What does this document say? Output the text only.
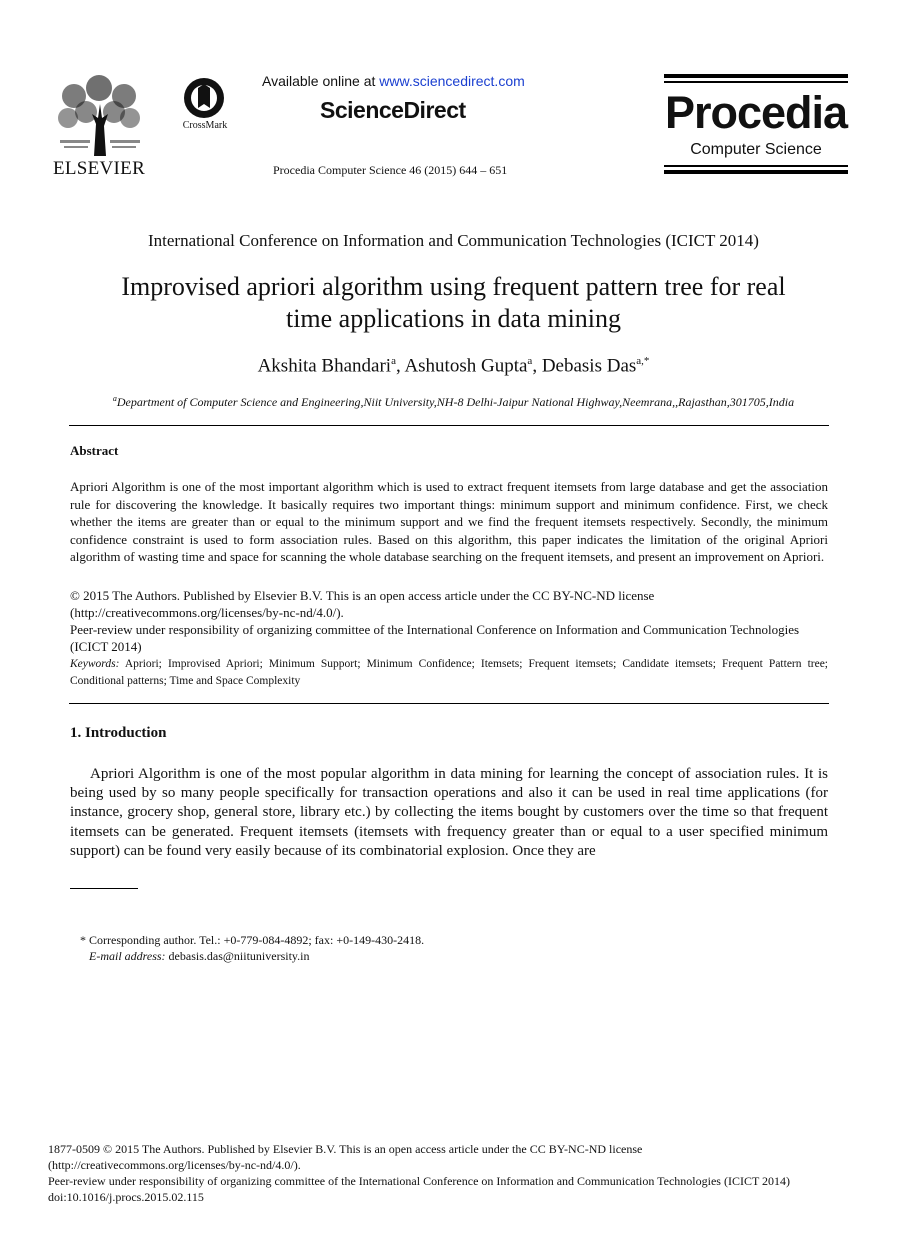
ELSEVIER
CrossMark
Available online at www.sciencedirect.com
ScienceDirect
Procedia Computer Science 46 (2015) 644 – 651
Procedia
Computer Science
International Conference on Information and Communication Technologies (ICICT 2014)
Improvised apriori algorithm using frequent pattern tree for real
time applications in data mining
Akshita Bhandari$^a$, Ashutosh Gupta$^a$, Debasis Das$^{a,*}$
$^a$Department of Computer Science and Engineering,Niit University,NH-8 Delhi-Jaipur National Highway,Neemrana,,Rajasthan,301705,India
Abstract
Apriori Algorithm is one of the most important algorithm which is used to extract frequent itemsets from large database and get the association rule for discovering the knowledge. It basically requires two important things: minimum support and minimum confidence. First, we check whether the items are greater than or equal to the minimum support and we find the frequent itemsets respectively. Secondly, the minimum confidence constraint is used to form association rules. Based on this algorithm, this paper indicates the limitation of the original Apriori algorithm of wasting time and space for scanning the whole database searching on the frequent itemsets, and present an improvement on Apriori.
© 2015 The Authors. Published by Elsevier B.V. This is an open access article under the CC BY-NC-ND license
(http://creativecommons.org/licenses/by-nc-nd/4.0/).
Peer-review under responsibility of organizing committee of the International Conference on Information and Communication Technologies (ICICT 2014)
Keywords: Apriori; Improvised Apriori; Minimum Support; Minimum Confidence; Itemsets; Frequent itemsets; Candidate itemsets; Frequent Pattern tree; Conditional patterns; Time and Space Complexity
1. Introduction
Apriori Algorithm is one of the most popular algorithm in data mining for learning the concept of association rules. It is being used by so many people specifically for transaction operations and also it can be used in real time applications (for instance, grocery shop, general store, library etc.) by collecting the items bought by customers over the time so that frequent itemsets can be generated. Frequent itemsets (itemsets with frequency greater than or equal to a user specified minimum support) can be found very easily because of its combinatorial explosion. Once they are
* Corresponding author. Tel.: +0-779-084-4892; fax: +0-149-430-2418.
E-mail address: debasis.das@niituniversity.in
1877-0509 © 2015 The Authors. Published by Elsevier B.V. This is an open access article under the CC BY-NC-ND license
(http://creativecommons.org/licenses/by-nc-nd/4.0/).
Peer-review under responsibility of organizing committee of the International Conference on Information and Communication Technologies (ICICT 2014)
doi:10.1016/j.procs.2015.02.115
